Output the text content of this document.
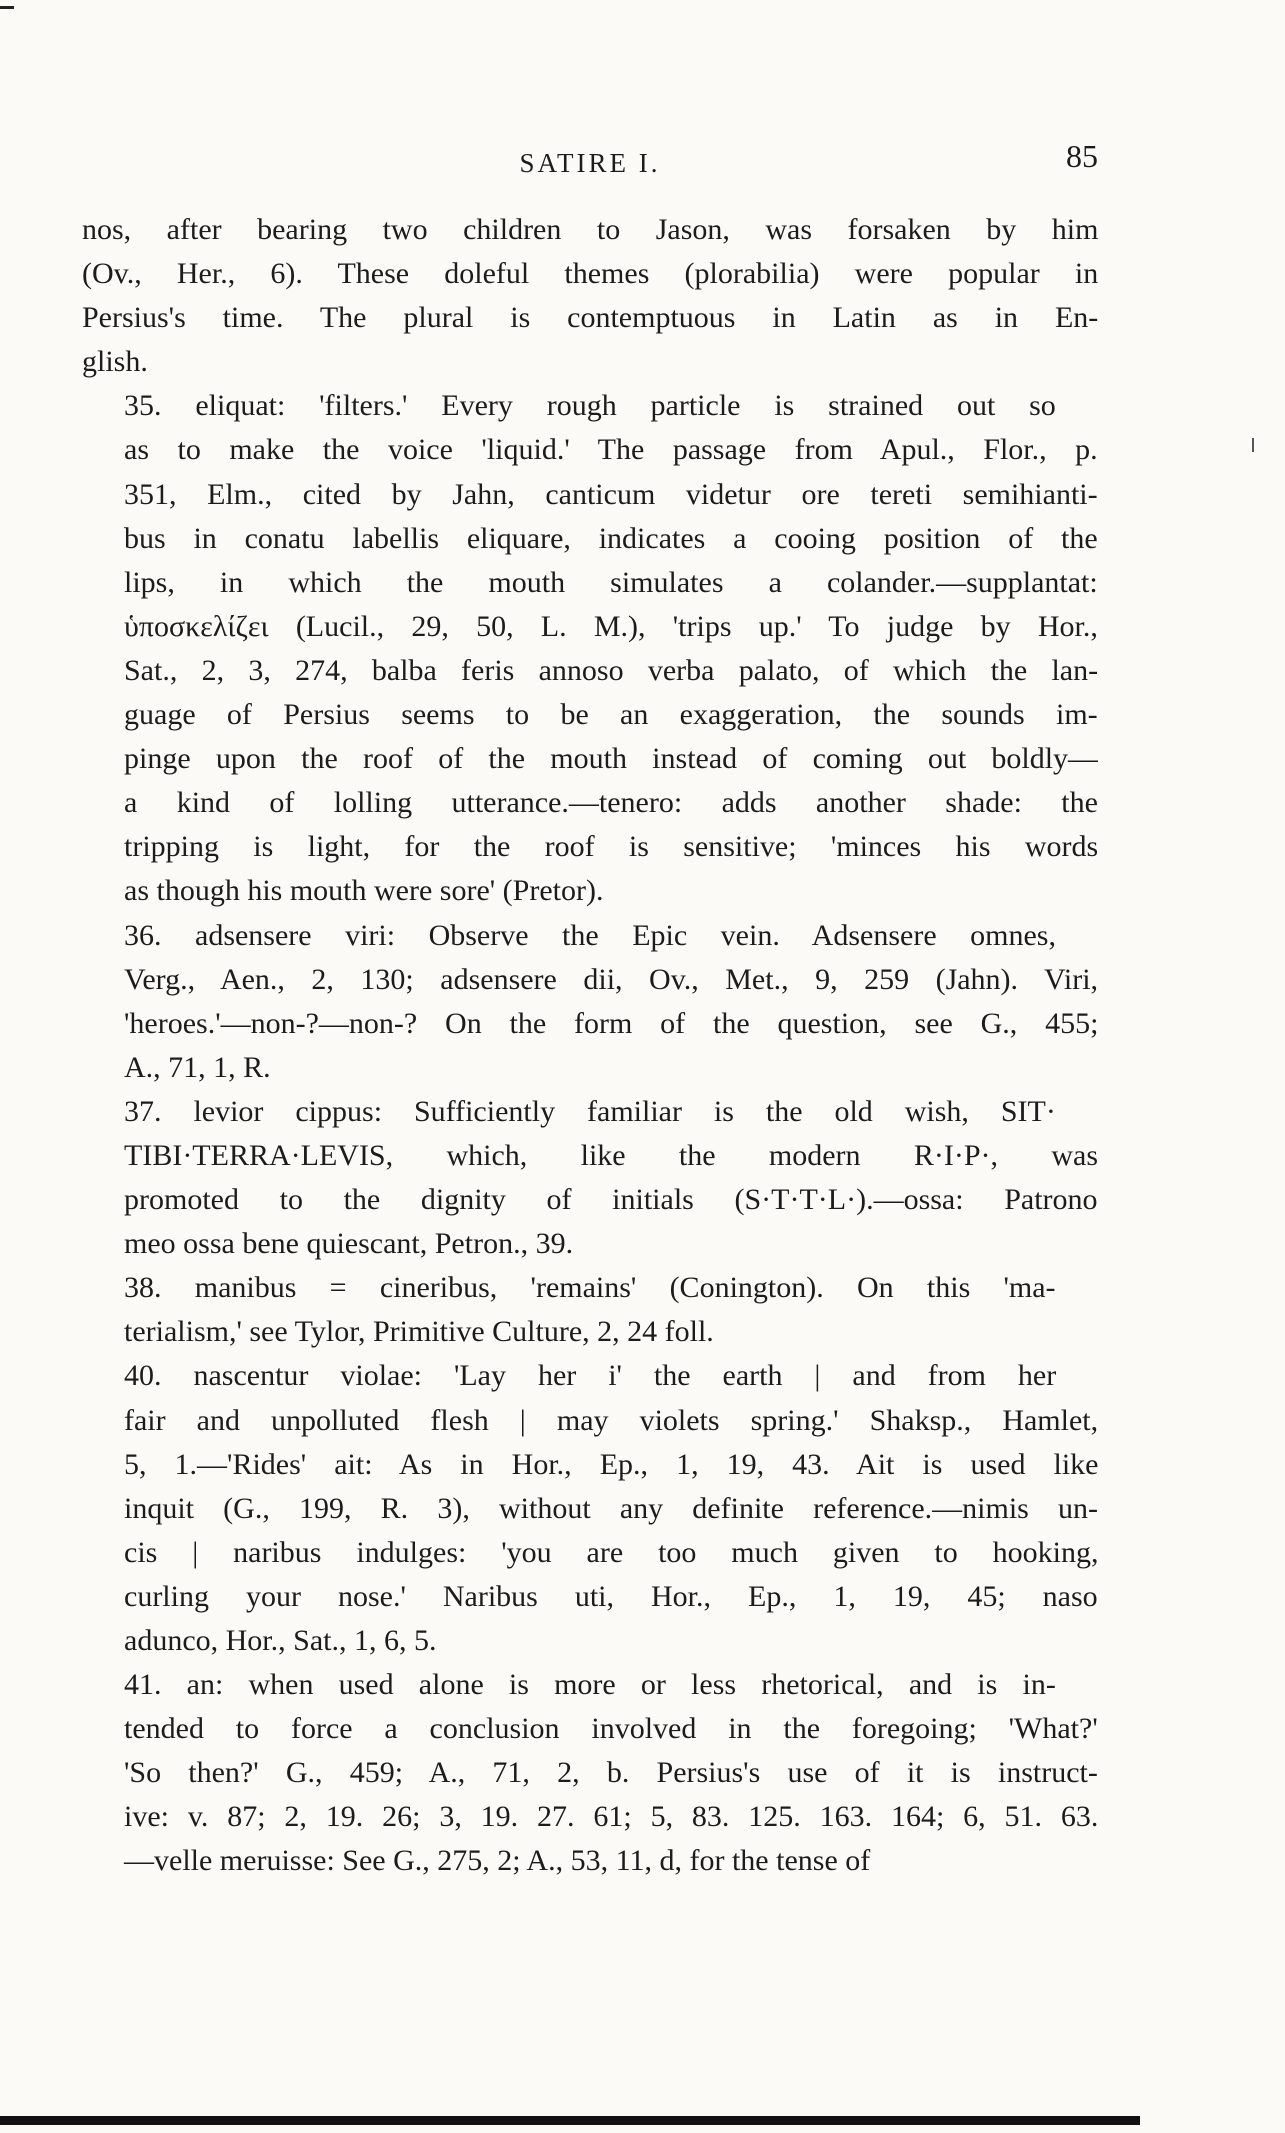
SATIRE I.	85
nos, after bearing two children to Jason, was forsaken by him
(Ov., Her., 6). These doleful themes (plorabilia) were popular in
Persius's time. The plural is contemptuous in Latin as in En-
glish.
35. eliquat: 'filters.' Every rough particle is strained out so
as to make the voice 'liquid.' The passage from Apul., Flor., p.
351, Elm., cited by Jahn, canticum videtur ore tereti semihianti-
bus in conatu labellis eliquare, indicates a cooing position of the
lips, in which the mouth simulates a colander.—supplantat:
ὑποσκελίζει (Lucil., 29, 50, L. M.), 'trips up.' To judge by Hor.,
Sat., 2, 3, 274, balba feris annoso verba palato, of which the lan-
guage of Persius seems to be an exaggeration, the sounds im-
pinge upon the roof of the mouth instead of coming out boldly—
a kind of lolling utterance.—tenero: adds another shade: the
tripping is light, for the roof is sensitive; 'minces his words
as though his mouth were sore' (Pretor).
36. adsensere viri: Observe the Epic vein. Adsensere omnes,
Verg., Aen., 2, 130; adsensere dii, Ov., Met., 9, 259 (Jahn). Viri,
'heroes.'—non-?—non-? On the form of the question, see G., 455;
A., 71, 1, R.
37. levior cippus: Sufficiently familiar is the old wish, SIT·
TIBI·TERRA·LEVIS, which, like the modern R·I·P·, was
promoted to the dignity of initials (S·T·T·L·).—ossa: Patrono
meo ossa bene quiescant, Petron., 39.
38. manibus = cineribus, 'remains' (Conington). On this 'ma-
terialism,' see Tylor, Primitive Culture, 2, 24 foll.
40. nascentur violae: 'Lay her i' the earth | and from her
fair and unpolluted flesh | may violets spring.' Shaksp., Hamlet,
5, 1.—'Rides' ait: As in Hor., Ep., 1, 19, 43. Ait is used like
inquit (G., 199, R. 3), without any definite reference.—nimis un-
cis | naribus indulges: 'you are too much given to hooking,
curling your nose.' Naribus uti, Hor., Ep., 1, 19, 45; naso
adunco, Hor., Sat., 1, 6, 5.
41. an: when used alone is more or less rhetorical, and is in-
tended to force a conclusion involved in the foregoing; 'What?'
'So then?' G., 459; A., 71, 2, b. Persius's use of it is instruct-
ive: v. 87; 2, 19. 26; 3, 19. 27. 61; 5, 83. 125. 163. 164; 6, 51. 63.
—velle meruisse: See G., 275, 2; A., 53, 11, d, for the tense of
